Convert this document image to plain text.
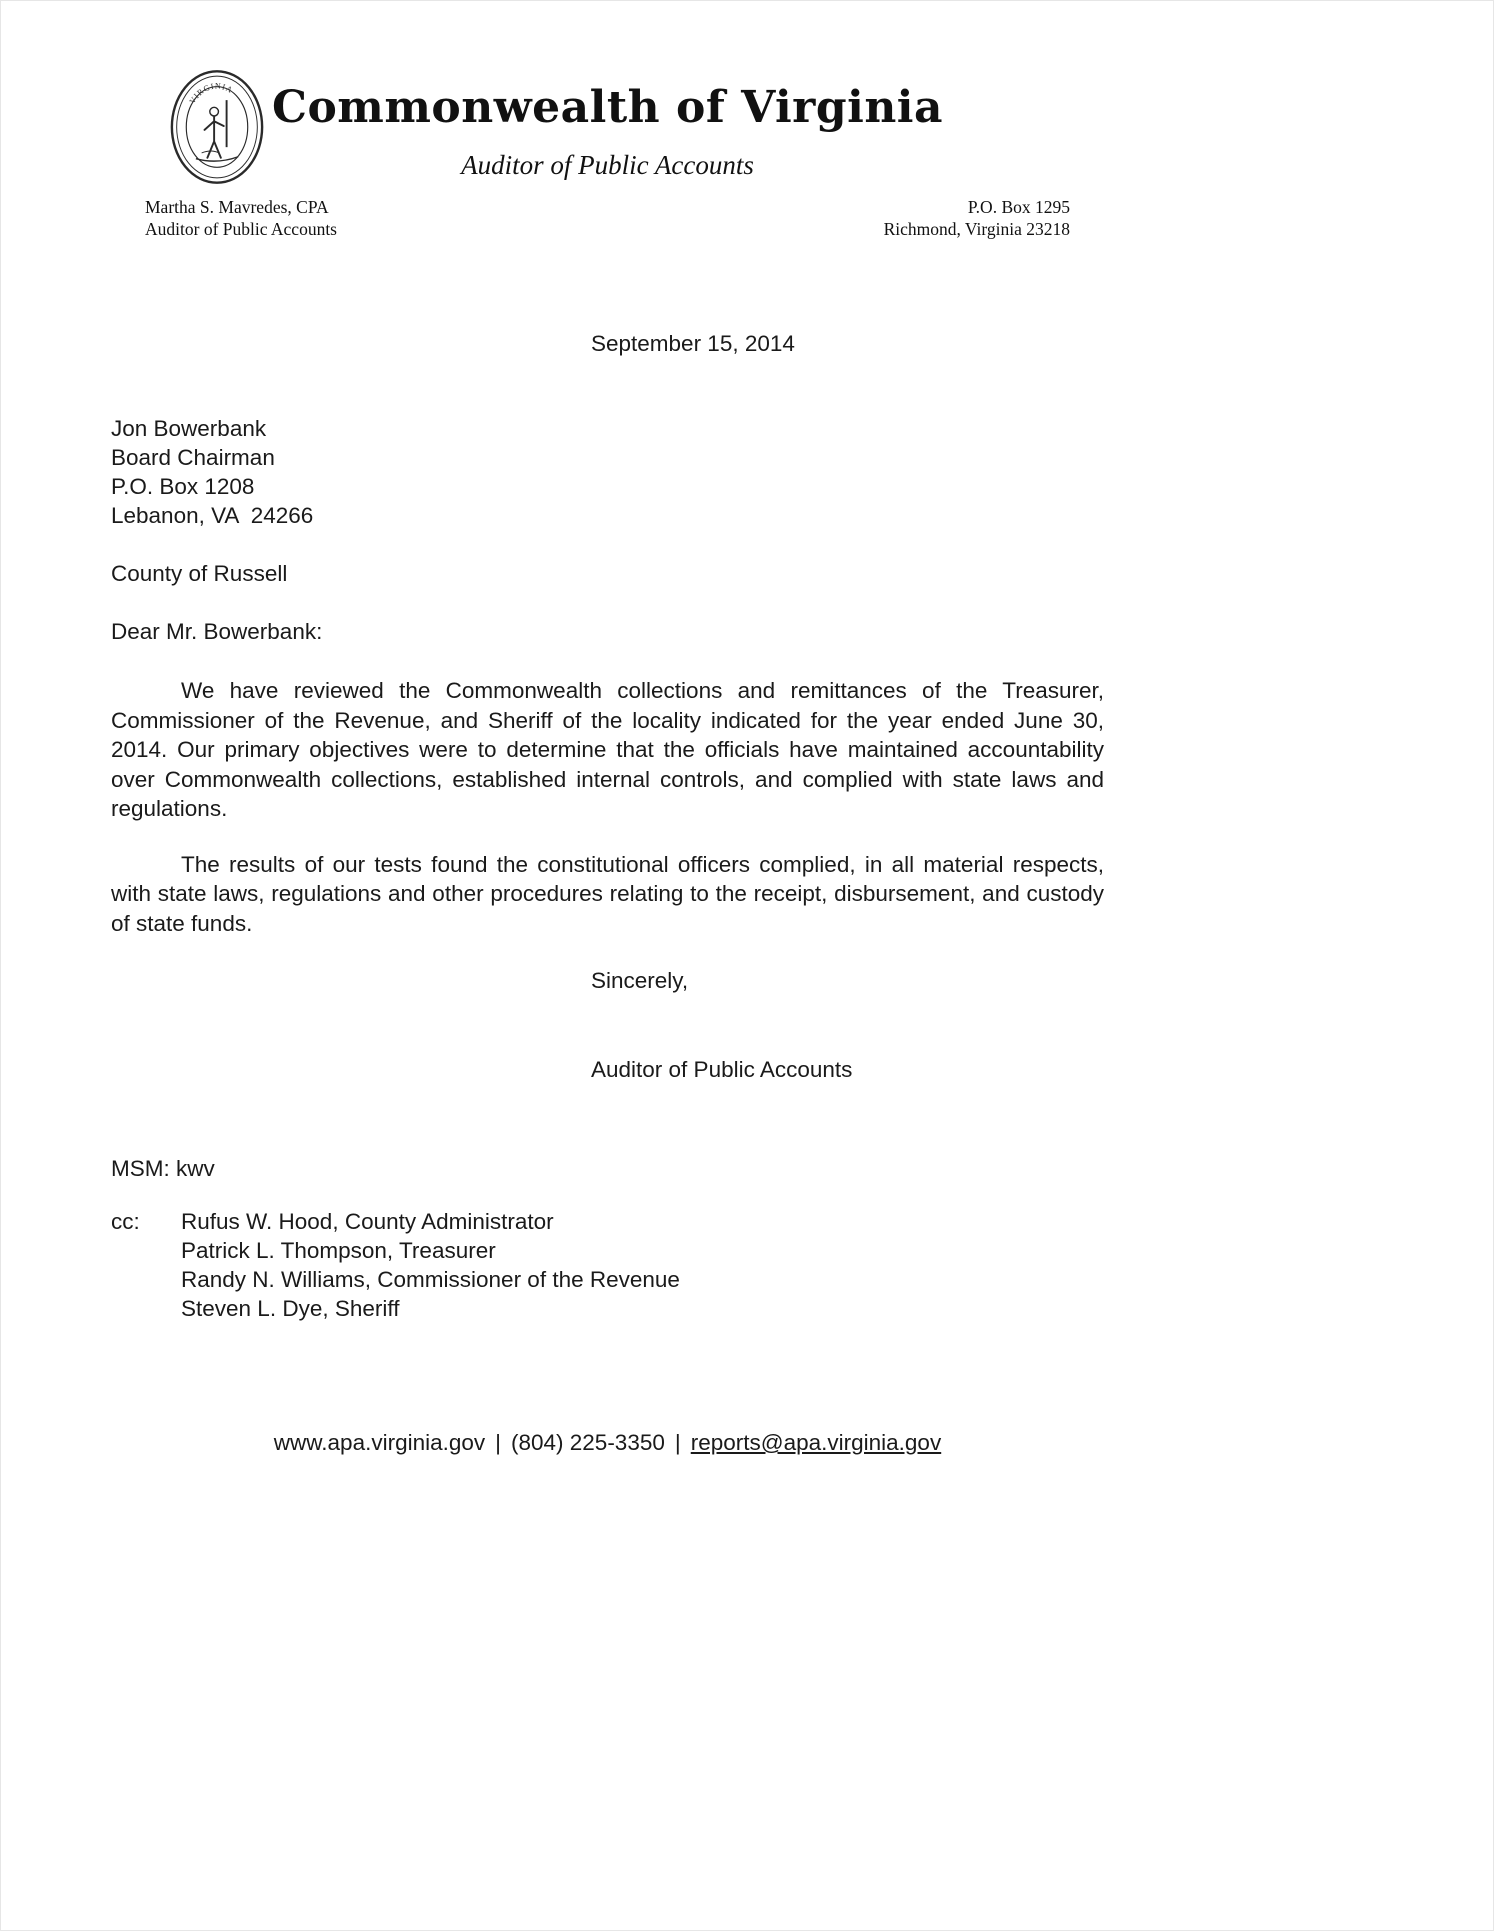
VIRGINIA Commonwealth of Virginia
Auditor of Public Accounts
Martha S. Mavredes, CPA
Auditor of Public Accounts
P.O. Box 1295
Richmond, Virginia 23218
September 15, 2014
Jon Bowerbank
Board Chairman
P.O. Box 1208
Lebanon, VA  24266
County of Russell
Dear Mr. Bowerbank:

We have reviewed the Commonwealth collections and remittances of the Treasurer, Commissioner of the Revenue, and Sheriff of the locality indicated for the year ended June 30, 2014. Our primary objectives were to determine that the officials have maintained accountability over Commonwealth collections, established internal controls, and complied with state laws and regulations.

The results of our tests found the constitutional officers complied, in all material respects, with state laws, regulations and other procedures relating to the receipt, disbursement, and custody of state funds.

Sincerely,
Auditor of Public Accounts
MSM: kwv
cc:	Rufus W. Hood, County Administrator
Patrick L. Thompson, Treasurer
Randy N. Williams, Commissioner of the Revenue
Steven L. Dye, Sheriff
www.apa.virginia.gov | (804) 225-3350 | reports@apa.virginia.gov
